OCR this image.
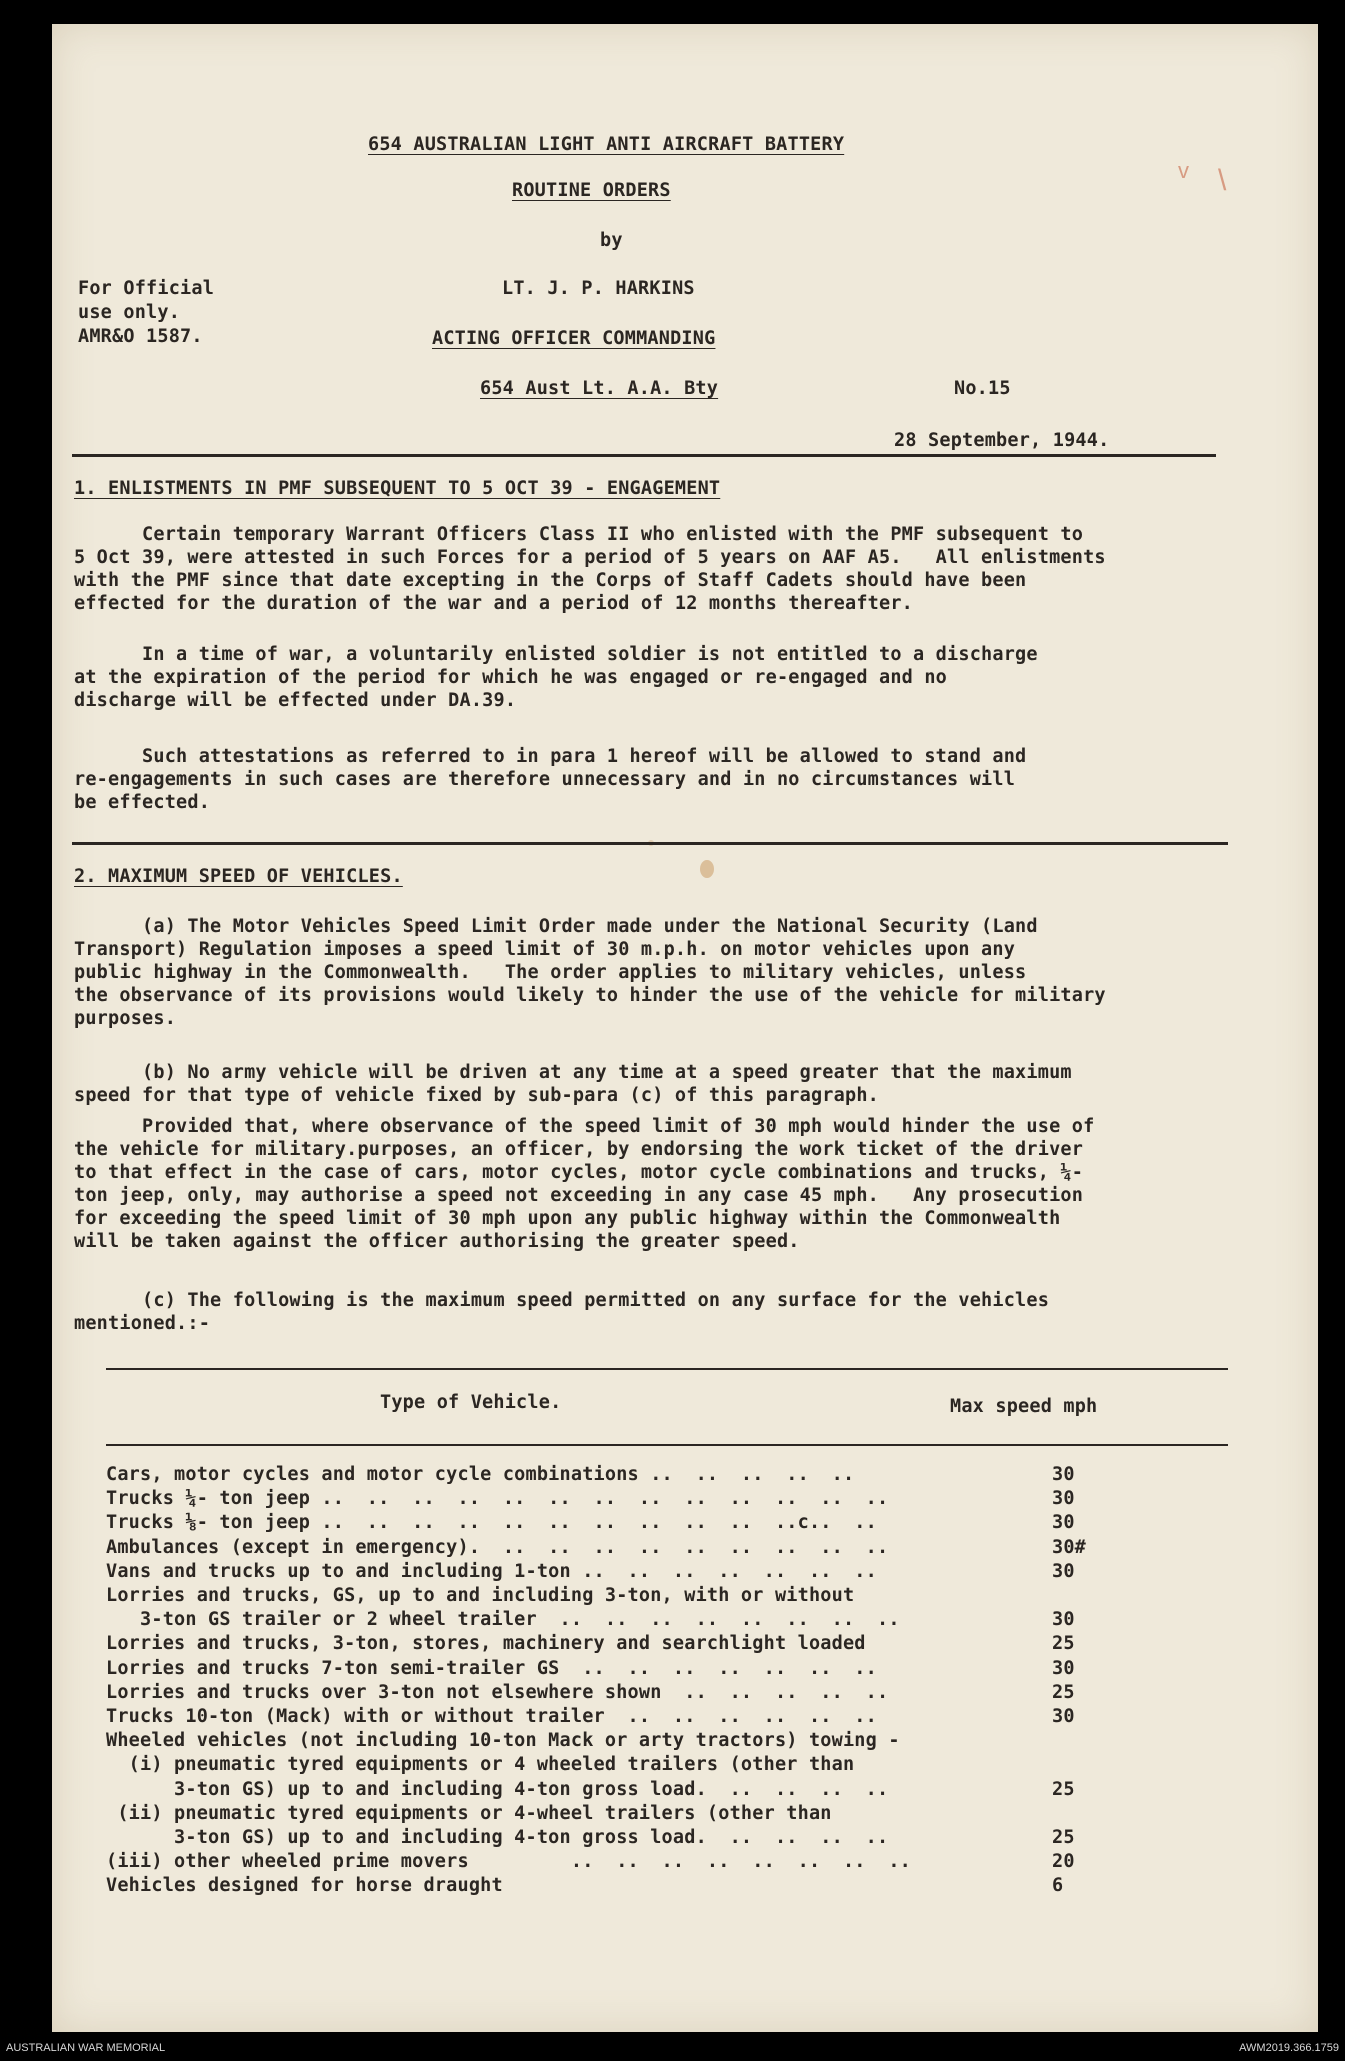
\
v
654 AUSTRALIAN LIGHT ANTI AIRCRAFT BATTERY
ROUTINE ORDERS
by
For Official
use only.
AMR&O 1587.
LT. J. P. HARKINS
ACTING OFFICER COMMANDING
654 Aust Lt. A.A. Bty	No.15
28 September, 1944.
1. ENLISTMENTS IN PMF SUBSEQUENT TO 5 OCT 39 - ENGAGEMENT
Certain temporary Warrant Officers Class II who enlisted with the PMF subsequent to
5 Oct 39, were attested in such Forces for a period of 5 years on AAF A5.   All enlistments
with the PMF since that date excepting in the Corps of Staff Cadets should have been
effected for the duration of the war and a period of 12 months thereafter.
In a time of war, a voluntarily enlisted soldier is not entitled to a discharge
at the expiration of the period for which he was engaged or re-engaged and no
discharge will be effected under DA.39.
Such attestations as referred to in para 1 hereof will be allowed to stand and
re-engagements in such cases are therefore unnecessary and in no circumstances will
be effected.
2. MAXIMUM SPEED OF VEHICLES.
(a) The Motor Vehicles Speed Limit Order made under the National Security (Land
Transport) Regulation imposes a speed limit of 30 m.p.h. on motor vehicles upon any
public highway in the Commonwealth.   The order applies to military vehicles, unless
the observance of its provisions would likely to hinder the use of the vehicle for military
purposes.
(b) No army vehicle will be driven at any time at a speed greater that the maximum
speed for that type of vehicle fixed by sub-para (c) of this paragraph.
Provided that, where observance of the speed limit of 30 mph would hinder the use of
the vehicle for military.purposes, an officer, by endorsing the work ticket of the driver
to that effect in the case of cars, motor cycles, motor cycle combinations and trucks, ¼-
ton jeep, only, may authorise a speed not exceeding in any case 45 mph.   Any prosecution
for exceeding the speed limit of 30 mph upon any public highway within the Commonwealth
will be taken against the officer authorising the greater speed.
(c) The following is the maximum speed permitted on any surface for the vehicles
mentioned.:-
Type of Vehicle.	Max speed mph
Cars, motor cycles and motor cycle combinations ..  ..  ..  ..  ..	30
Trucks ¼- ton jeep ..  ..  ..  ..  ..  ..  ..  ..  ..  ..  ..  ..  ..	30
Trucks ⅛- ton jeep ..  ..  ..  ..  ..  ..  ..  ..  ..  ..  ..c..  ..	30
Ambulances (except in emergency).  ..  ..  ..  ..  ..  ..  ..  ..  ..	30#
Vans and trucks up to and including 1-ton ..  ..  ..  ..  ..  ..  ..	30
Lorries and trucks, GS, up to and including 3-ton, with or without
3-ton GS trailer or 2 wheel trailer  ..  ..  ..  ..  ..  ..  ..  ..	30
Lorries and trucks, 3-ton, stores, machinery and searchlight loaded	25
Lorries and trucks 7-ton semi-trailer GS  ..  ..  ..  ..  ..  ..  ..	30
Lorries and trucks over 3-ton not elsewhere shown  ..  ..  ..  ..  ..	25
Trucks 10-ton (Mack) with or without trailer  ..  ..  ..  ..  ..  ..	30
Wheeled vehicles (not including 10-ton Mack or arty tractors) towing -
(i) pneumatic tyred equipments or 4 wheeled trailers (other than
3-ton GS) up to and including 4-ton gross load.  ..  ..  ..  ..	25
(ii) pneumatic tyred equipments or 4-wheel trailers (other than
3-ton GS) up to and including 4-ton gross load.  ..  ..  ..  ..	25
(iii) other wheeled prime movers         ..  ..  ..  ..  ..  ..  ..  ..	20
Vehicles designed for horse draught	6
AUSTRALIAN WAR MEMORIAL	AWM2019.366.1759
